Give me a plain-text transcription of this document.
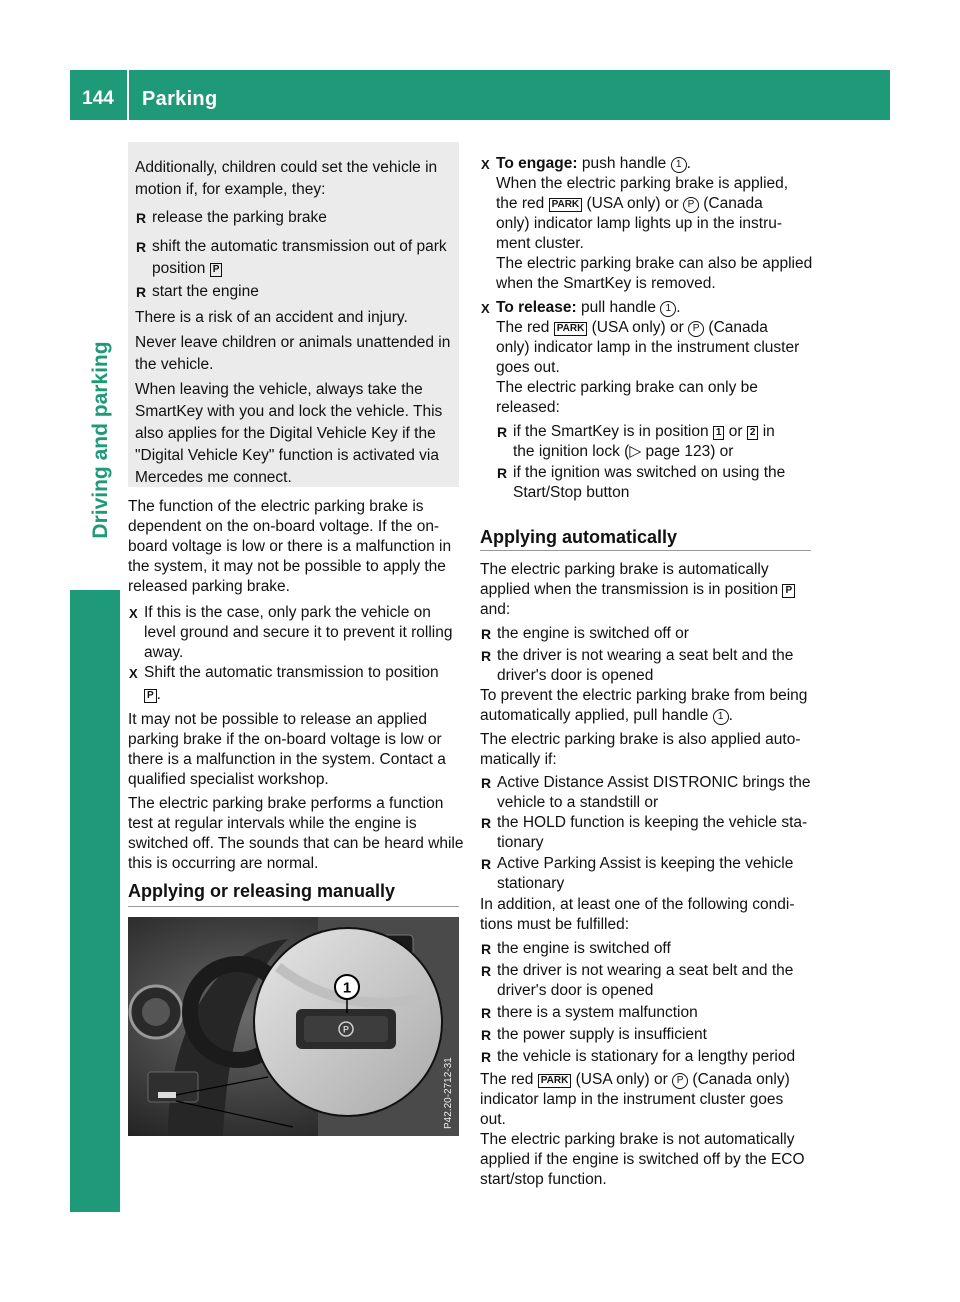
144	Parking
Driving and parking
Additionally, children could set the vehicle in
motion if, for example, they:
R release the parking brake
R shift the automatic transmission out of park
position P
R start the engine
There is a risk of an accident and injury.
Never leave children or animals unattended in
the vehicle.
When leaving the vehicle, always take the
SmartKey with you and lock the vehicle. This
also applies for the Digital Vehicle Key if the
"Digital Vehicle Key" function is activated via
Mercedes me connect.
The function of the electric parking brake is
dependent on the on-board voltage. If the on-
board voltage is low or there is a malfunction in
the system, it may not be possible to apply the
released parking brake.
X If this is the case, only park the vehicle on
level ground and secure it to prevent it rolling
away.
X Shift the automatic transmission to position
P .
It may not be possible to release an applied
parking brake if the on-board voltage is low or
there is a malfunction in the system. Contact a
qualified specialist workshop.
The electric parking brake performs a function
test at regular intervals while the engine is
switched off. The sounds that can be heard while
this is occurring are normal.
Applying or releasing manually
P
1
P42.20-2712-31
X To engage: push handle 1 .
When the electric parking brake is applied,
the red PARK (USA only) or P (Canada
only) indicator lamp lights up in the instru-
ment cluster.
The electric parking brake can also be applied
when the SmartKey is removed.
X To release: pull handle 1 .
The red PARK (USA only) or P (Canada
only) indicator lamp in the instrument cluster
goes out.
The electric parking brake can only be
released:
R if the SmartKey is in position 1 or 2 in
the ignition lock (▷ page 123) or
R if the ignition was switched on using the
Start/Stop button
Applying automatically
The electric parking brake is automatically
applied when the transmission is in position P
and:
R the engine is switched off or
R the driver is not wearing a seat belt and the
driver's door is opened
To prevent the electric parking brake from being
automatically applied, pull handle 1 .
The electric parking brake is also applied auto-
matically if:
R Active Distance Assist DISTRONIC brings the
vehicle to a standstill or
R the HOLD function is keeping the vehicle sta-
tionary
R Active Parking Assist is keeping the vehicle
stationary
In addition, at least one of the following condi-
tions must be fulfilled:
R the engine is switched off
R the driver is not wearing a seat belt and the
driver's door is opened
R there is a system malfunction
R the power supply is insufficient
R the vehicle is stationary for a lengthy period
The red PARK (USA only) or P (Canada only)
indicator lamp in the instrument cluster goes
out.
The electric parking brake is not automatically
applied if the engine is switched off by the ECO
start/stop function.
